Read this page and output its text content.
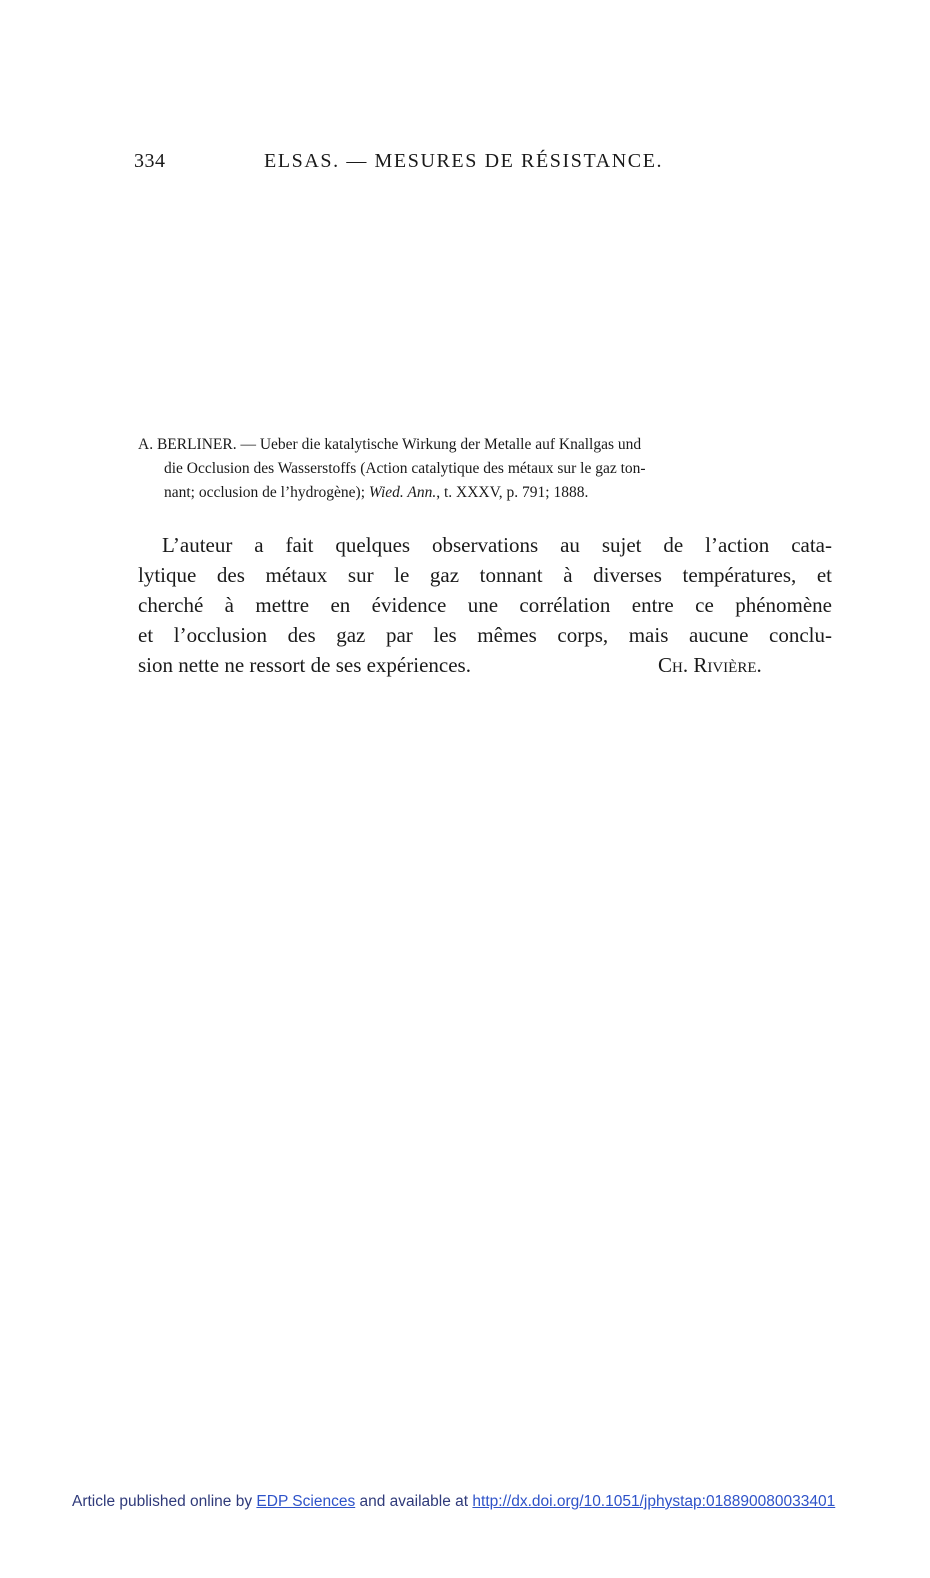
334	ELSAS. — MESURES DE RÉSISTANCE.
A. BERLINER. — Ueber die katalytische Wirkung der Metalle auf Knallgas und
die Occlusion des Wasserstoffs (Action catalytique des métaux sur le gaz ton-
nant; occlusion de l’hydrogène); Wied. Ann., t. XXXV, p. 791; 1888.
L’auteur a fait quelques observations au sujet de l’action cata-
lytique des métaux sur le gaz tonnant à diverses températures, et
cherché à mettre en évidence une corrélation entre ce phénomène
et l’occlusion des gaz par les mêmes corps, mais aucune conclu-
sion nette ne ressort de ses expériences.	Ch. Rivière.
Article published online by EDP Sciences and available at http://dx.doi.org/10.1051/jphystap:018890080033401
